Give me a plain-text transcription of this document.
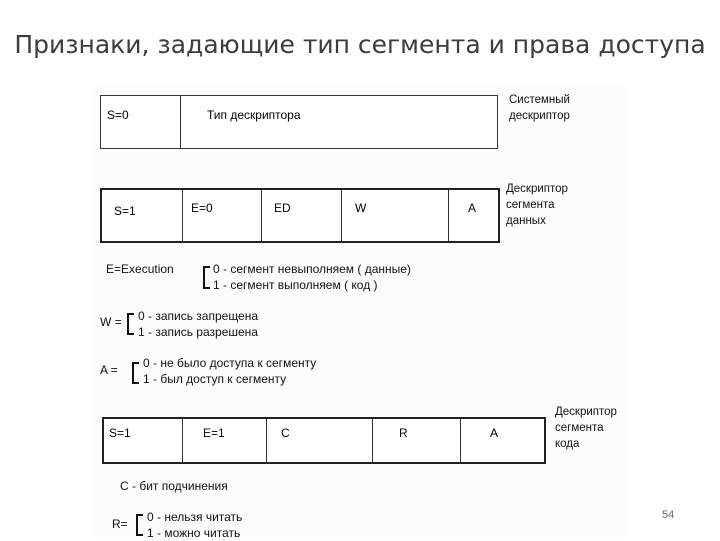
Признаки, задающие тип сегмента и права доступа
S=0	Тип дескриптора
Системный
дескриптор
S=1	E=0	ED	W	A
Дескриптор
сегмента
данных
E=Execution	0 - сегмент невыполняем ( данные)
1 - сегмент выполняем ( код )
W = 0 - запись запрещена
1 - запись разрешена
A = 0 - не было доступа к сегменту
1 - был доступ к сегменту
S=1	E=1	C	R	A
Дескриптор
сегмента
кода
С - бит подчинения
R= 0 - нельзя читать
1 - можно читать
54
